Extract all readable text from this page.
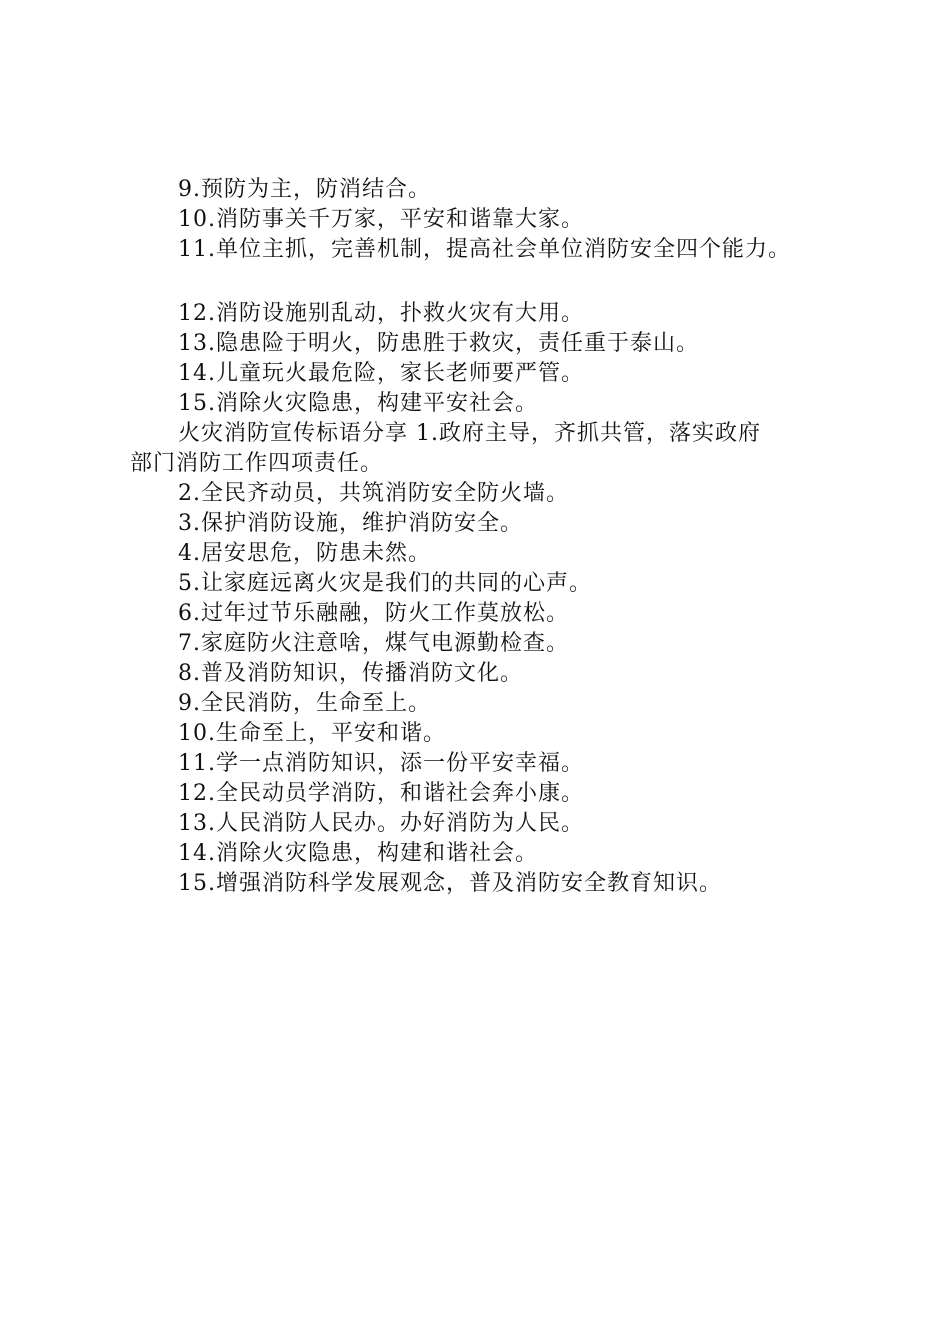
9.预防为主，防消结合。
10.消防事关千万家，平安和谐靠大家。
11.单位主抓，完善机制，提高社会单位消防安全四个能力。
12.消防设施别乱动，扑救火灾有大用。
13.隐患险于明火，防患胜于救灾，责任重于泰山。
14.儿童玩火最危险，家长老师要严管。
15.消除火灾隐患，构建平安社会。
火灾消防宣传标语分享 1.政府主导，齐抓共管，落实政府
部门消防工作四项责任。
2.全民齐动员，共筑消防安全防火墙。
3.保护消防设施，维护消防安全。
4.居安思危，防患未然。
5.让家庭远离火灾是我们的共同的心声。
6.过年过节乐融融，防火工作莫放松。
7.家庭防火注意啥，煤气电源勤检查。
8.普及消防知识，传播消防文化。
9.全民消防，生命至上。
10.生命至上，平安和谐。
11.学一点消防知识，添一份平安幸福。
12.全民动员学消防，和谐社会奔小康。
13.人民消防人民办。办好消防为人民。
14.消除火灾隐患，构建和谐社会。
15.增强消防科学发展观念，普及消防安全教育知识。
